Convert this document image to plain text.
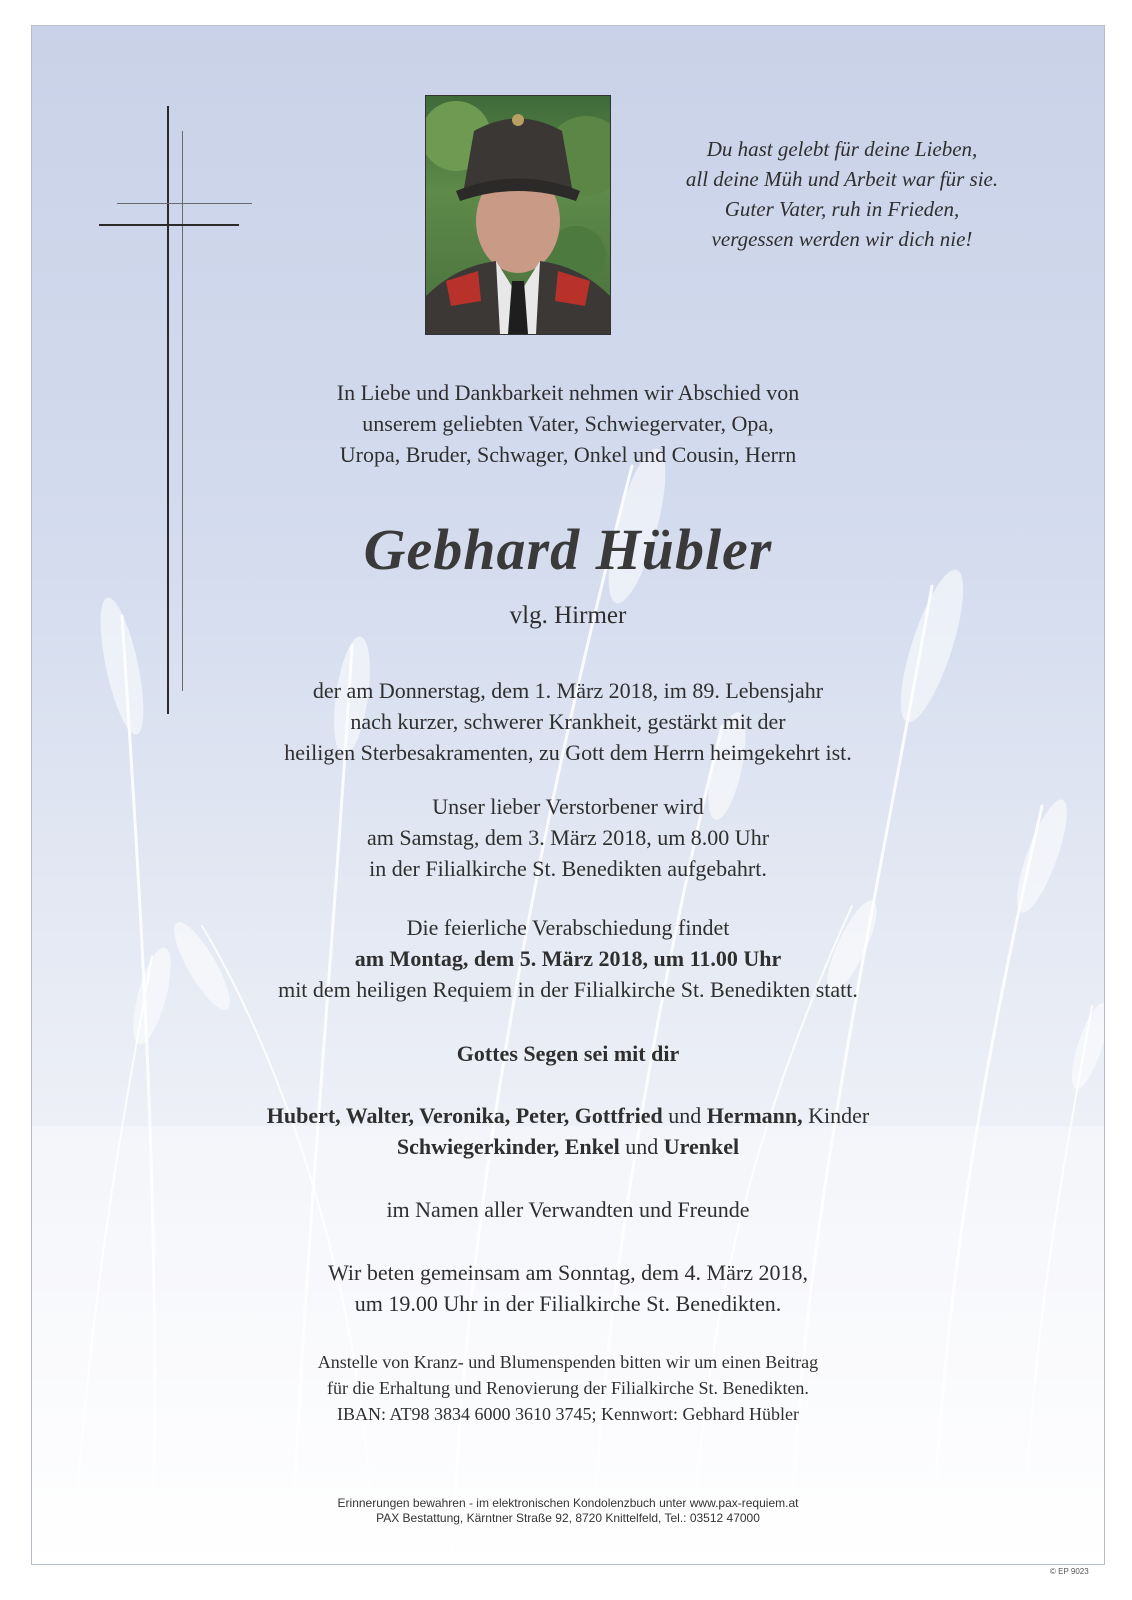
Du hast gelebt für deine Lieben,
all deine Müh und Arbeit war für sie.
Guter Vater, ruh in Frieden,
vergessen werden wir dich nie!
In Liebe und Dankbarkeit nehmen wir Abschied von
unserem geliebten Vater, Schwiegervater, Opa,
Uropa, Bruder, Schwager, Onkel und Cousin, Herrn
Gebhard Hübler
vlg. Hirmer
der am Donnerstag, dem 1. März 2018, im 89. Lebensjahr
nach kurzer, schwerer Krankheit, gestärkt mit der
heiligen Sterbesakramenten, zu Gott dem Herrn heimgekehrt ist.
Unser lieber Verstorbener wird
am Samstag, dem 3. März 2018, um 8.00 Uhr
in der Filialkirche St. Benedikten aufgebahrt.
Die feierliche Verabschiedung findet
am Montag, dem 5. März 2018, um 11.00 Uhr
mit dem heiligen Requiem in der Filialkirche St. Benedikten statt.
Gottes Segen sei mit dir
Hubert, Walter, Veronika, Peter, Gottfried und Hermann, Kinder
Schwiegerkinder, Enkel und Urenkel
im Namen aller Verwandten und Freunde
Wir beten gemeinsam am Sonntag, dem 4. März 2018,
um 19.00 Uhr in der Filialkirche St. Benedikten.
Anstelle von Kranz- und Blumenspenden bitten wir um einen Beitrag
für die Erhaltung und Renovierung der Filialkirche St. Benedikten.
IBAN: AT98 3834 6000 3610 3745; Kennwort: Gebhard Hübler
Erinnerungen bewahren - im elektronischen Kondolenzbuch unter www.pax-requiem.at
PAX Bestattung, Kärntner Straße 92, 8720 Knittelfeld, Tel.: 03512 47000
© EP 9023
